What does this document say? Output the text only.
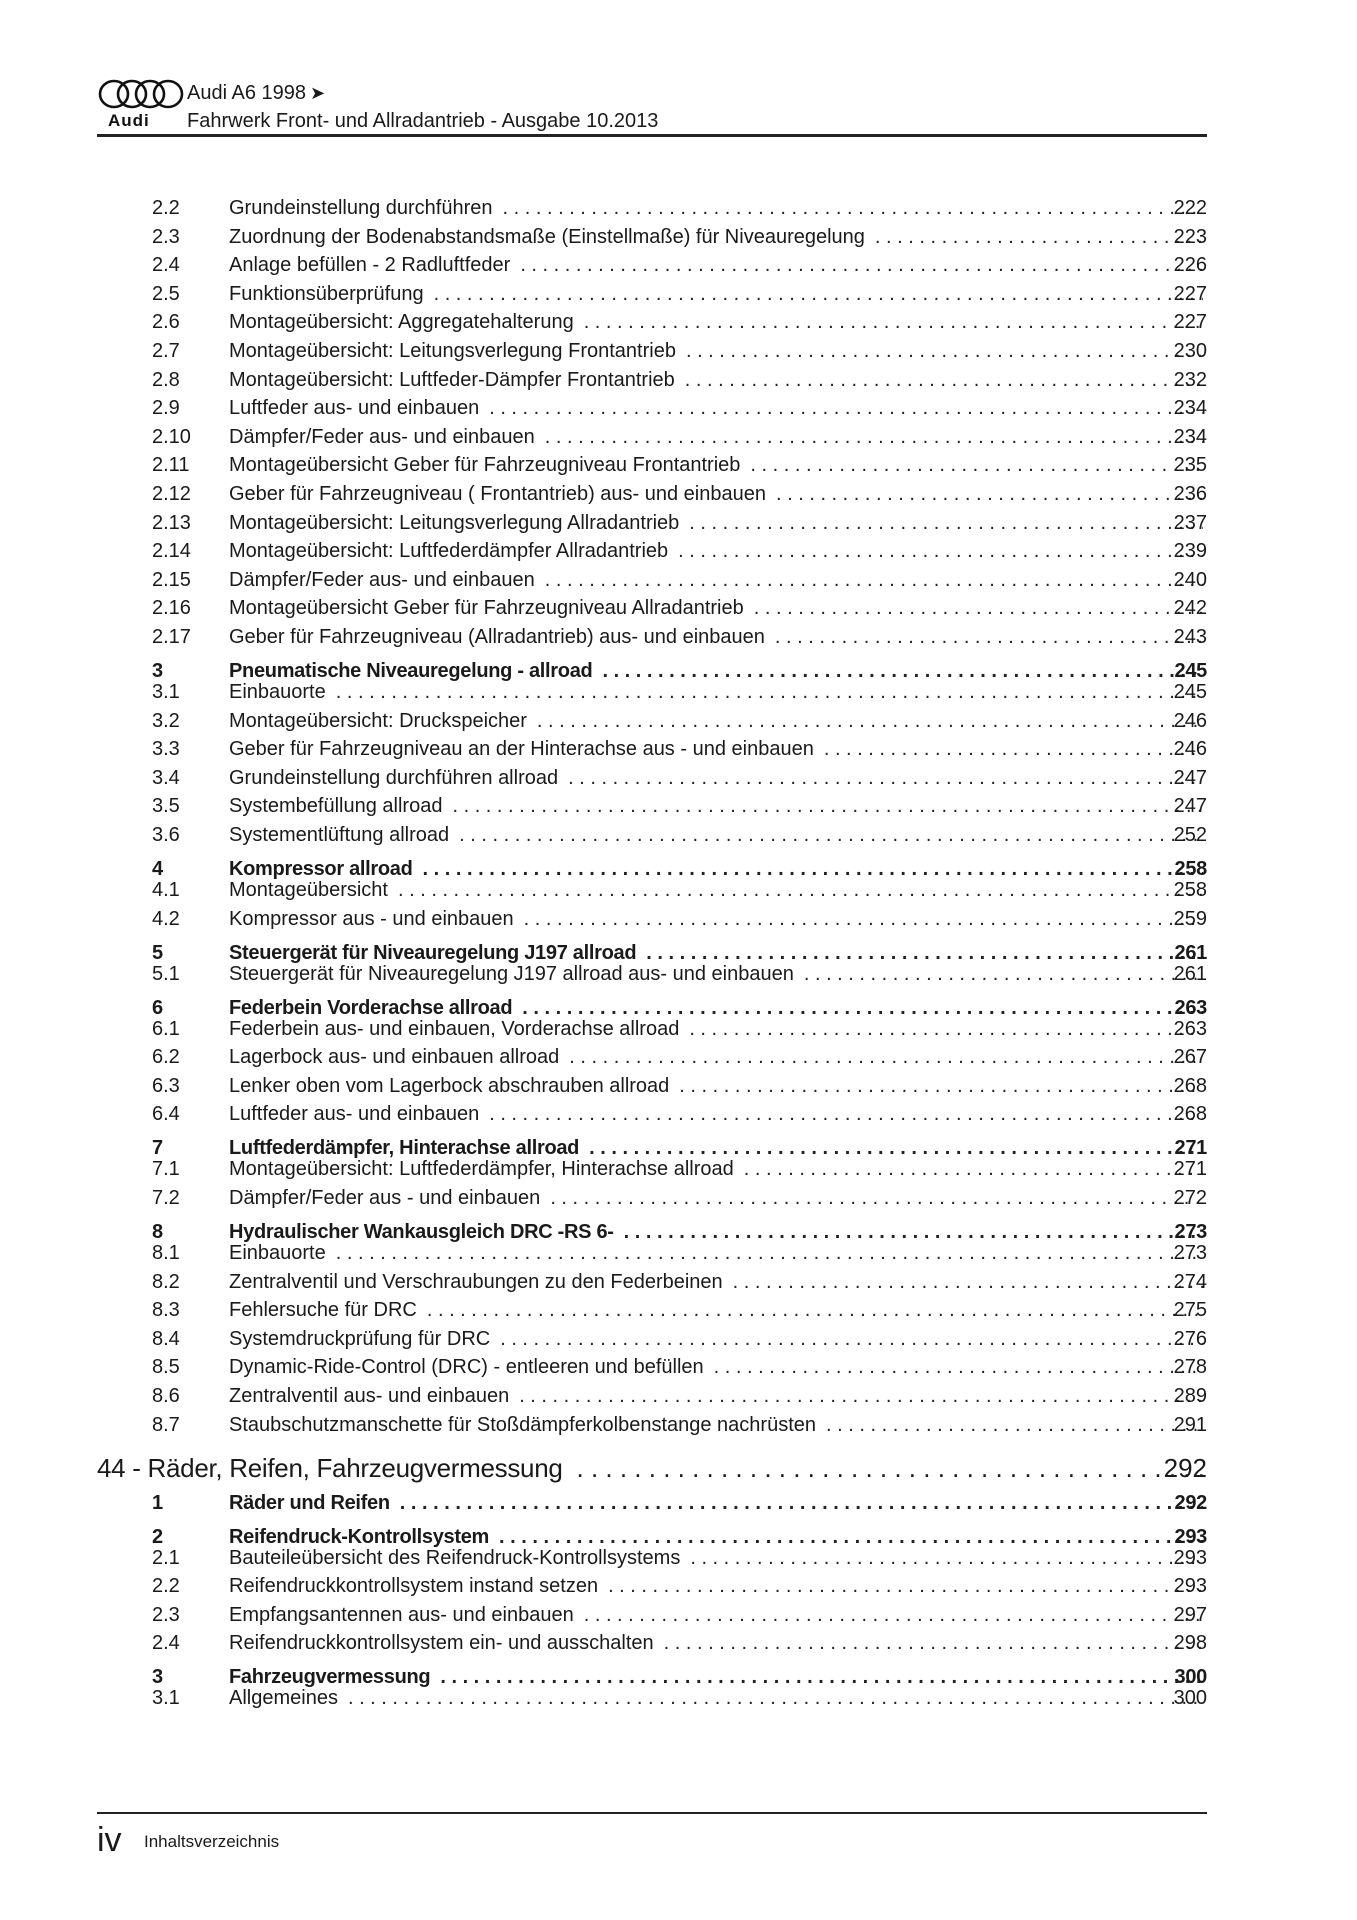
Audi
Audi A6 1998 ➤
Fahrwerk Front- und Allradantrieb - Ausgabe 10.2013
2.2 Grundeinstellung durchführen . . .	222
2.3 Zuordnung der Bodenabstandsmaße (Einstellmaße) für Niveauregelung . . .	223
2.4 Anlage befüllen - 2 Radluftfeder . . .	226
2.5 Funktionsüberprüfung . . .	227
2.6 Montageübersicht: Aggregatehalterung . . .	227
2.7 Montageübersicht: Leitungsverlegung Frontantrieb . . .	230
2.8 Montageübersicht: Luftfeder-Dämpfer Frontantrieb . . .	232
2.9 Luftfeder aus- und einbauen . . .	234
2.10 Dämpfer/Feder aus- und einbauen . . .	234
2.11 Montageübersicht Geber für Fahrzeugniveau Frontantrieb . . .	235
2.12 Geber für Fahrzeugniveau ( Frontantrieb) aus- und einbauen . . .	236
2.13 Montageübersicht: Leitungsverlegung Allradantrieb . . .	237
2.14 Montageübersicht: Luftfederdämpfer Allradantrieb . . .	239
2.15 Dämpfer/Feder aus- und einbauen . . .	240
2.16 Montageübersicht Geber für Fahrzeugniveau Allradantrieb . . .	242
2.17 Geber für Fahrzeugniveau (Allradantrieb) aus- und einbauen . . .	243
3	Pneumatische Niveauregelung - allroad . . .	245
3.1 Einbauorte . . .	245
3.2 Montageübersicht: Druckspeicher . . .	246
3.3 Geber für Fahrzeugniveau an der Hinterachse aus - und einbauen . . .	246
3.4 Grundeinstellung durchführen allroad . . .	247
3.5 Systembefüllung allroad . . .	247
3.6 Systementlüftung allroad . . .	252
4	Kompressor allroad . . .	258
4.1 Montageübersicht . . .	258
4.2 Kompressor aus - und einbauen . . .	259
5	Steuergerät für Niveauregelung J197 allroad . . .	261
5.1 Steuergerät für Niveauregelung J197 allroad aus- und einbauen . . .	261
6	Federbein Vorderachse allroad . . .	263
6.1 Federbein aus- und einbauen, Vorderachse allroad . . .	263
6.2 Lagerbock aus- und einbauen allroad . . .	267
6.3 Lenker oben vom Lagerbock abschrauben allroad . . .	268
6.4 Luftfeder aus- und einbauen . . .	268
7	Luftfederdämpfer, Hinterachse allroad . . .	271
7.1 Montageübersicht: Luftfederdämpfer, Hinterachse allroad . . .	271
7.2 Dämpfer/Feder aus - und einbauen . . .	272
8	Hydraulischer Wankausgleich DRC -RS 6- . . .	273
8.1 Einbauorte . . .	273
8.2 Zentralventil und Verschraubungen zu den Federbeinen . . .	274
8.3 Fehlersuche für DRC . . .	275
8.4 Systemdruckprüfung für DRC . . .	276
8.5 Dynamic-Ride-Control (DRC) - entleeren und befüllen . . .	278
8.6 Zentralventil aus- und einbauen . . .	289
8.7 Staubschutzmanschette für Stoßdämpferkolbenstange nachrüsten . . .	291
44 - Räder, Reifen, Fahrzeugvermessung . . .	292
1	Räder und Reifen . . .	292
2	Reifendruck-Kontrollsystem . . .	293
2.1 Bauteileübersicht des Reifendruck-Kontrollsystems . . .	293
2.2 Reifendruckkontrollsystem instand setzen . . .	293
2.3 Empfangsantennen aus- und einbauen . . .	297
2.4 Reifendruckkontrollsystem ein- und ausschalten . . .	298
3	Fahrzeugvermessung . . .	300
3.1 Allgemeines . . .	300
iv Inhaltsverzeichnis
